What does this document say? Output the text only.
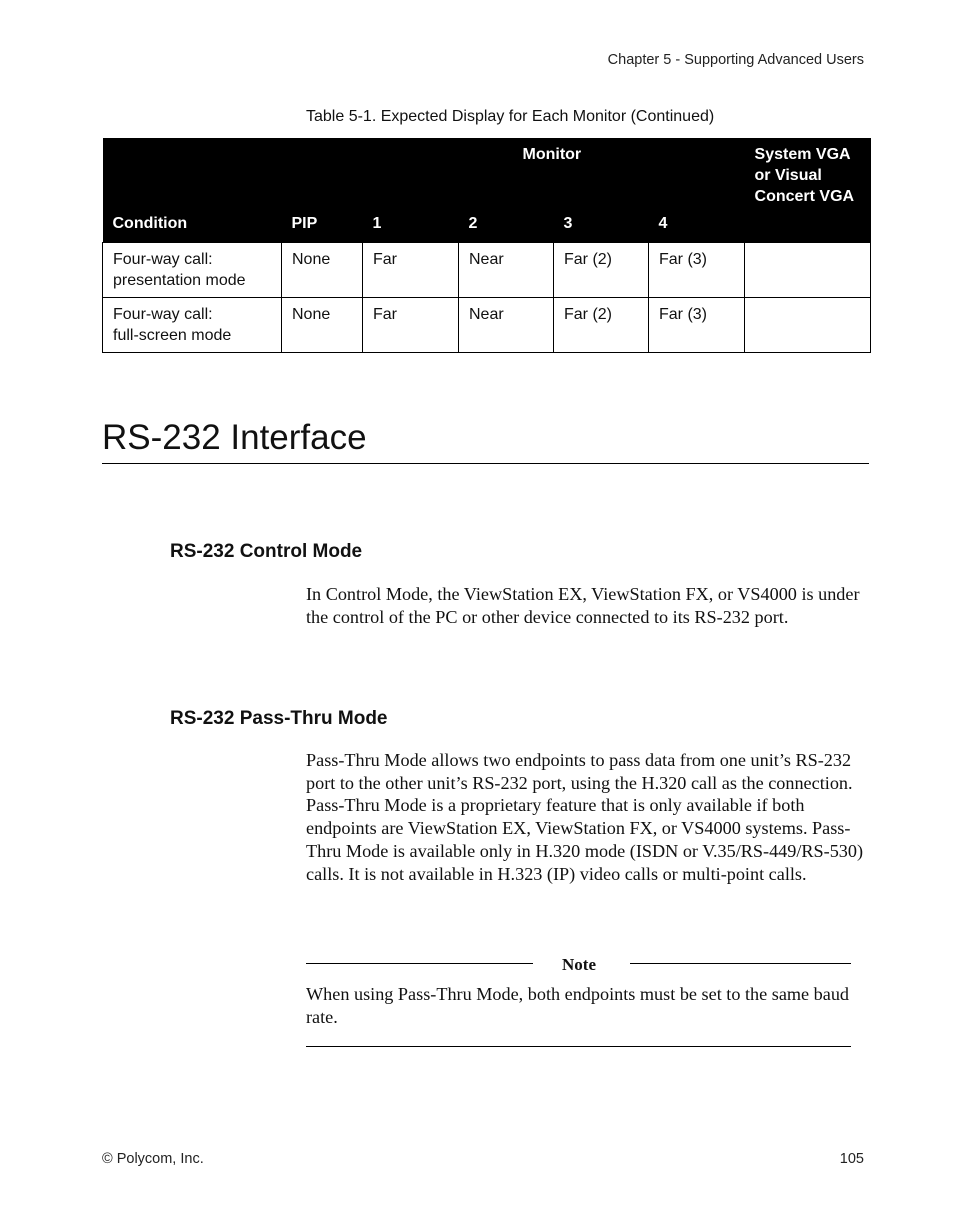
Chapter 5 - Supporting Advanced Users
Table 5-1. Expected Display for Each Monitor (Continued)
Condition	PIP	Monitor				System VGA or Visual Concert VGA
		1	2	3	4	
Four-way call:
presentation mode	None	Far	Near	Far (2)	Far (3)	
Four-way call:
full-screen mode	None	Far	Near	Far (2)	Far (3)	
RS-232 Interface
RS-232 Control Mode

In Control Mode, the ViewStation EX, ViewStation FX, or VS4000 is under the control of the PC or other device connected to its RS-232 port.

RS-232 Pass-Thru Mode

Pass-Thru Mode allows two endpoints to pass data from one unit’s RS-232 port to the other unit’s RS-232 port, using the H.320 call as the connection. Pass-Thru Mode is a proprietary feature that is only available if both endpoints are ViewStation EX, ViewStation FX, or VS4000 systems. Pass-Thru Mode is available only in H.320 mode (ISDN or V.35/RS-449/RS-530) calls. It is not available in H.323 (IP) video calls or multi-point calls.

Note

When using Pass-Thru Mode, both endpoints must be set to the same baud rate.

© Polycom, Inc.	105
